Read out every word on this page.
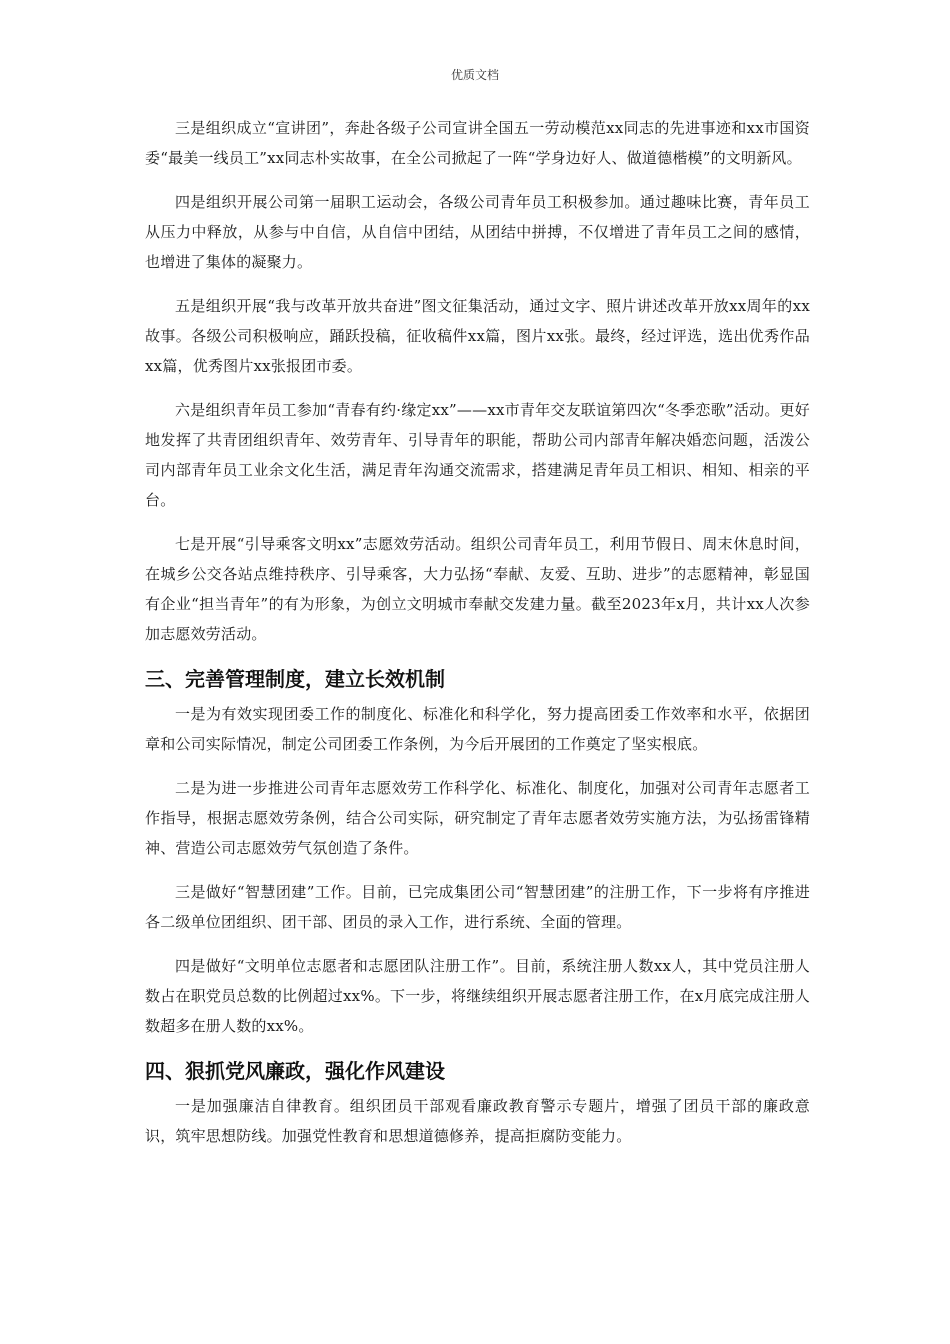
优质文档

三是组织成立“宣讲团”，奔赴各级子公司宣讲全国五一劳动模范xx同志的先进事迹和xx市国资委“最美一线员工”xx同志朴实故事，在全公司掀起了一阵“学身边好人、做道德楷模”的文明新风。

四是组织开展公司第一届职工运动会，各级公司青年员工积极参加。通过趣味比赛，青年员工从压力中释放，从参与中自信，从自信中团结，从团结中拼搏，不仅增进了青年员工之间的感情，也增进了集体的凝聚力。

五是组织开展“我与改革开放共奋进”图文征集活动，通过文字、照片讲述改革开放xx周年的xx故事。各级公司积极响应，踊跃投稿，征收稿件xx篇，图片xx张。最终，经过评选，选出优秀作品xx篇，优秀图片xx张报团市委。

六是组织青年员工参加“青春有约·缘定xx”——xx市青年交友联谊第四次“冬季恋歌”活动。更好地发挥了共青团组织青年、效劳青年、引导青年的职能，帮助公司内部青年解决婚恋问题，活泼公司内部青年员工业余文化生活，满足青年沟通交流需求，搭建满足青年员工相识、相知、相亲的平台。

七是开展“引导乘客文明xx”志愿效劳活动。组织公司青年员工，利用节假日、周末休息时间，在城乡公交各站点维持秩序、引导乘客，大力弘扬“奉献、友爱、互助、进步”的志愿精神，彰显国有企业“担当青年”的有为形象，为创立文明城市奉献交发建力量。截至2023年x月，共计xx人次参加志愿效劳活动。

三、完善管理制度，建立长效机制

一是为有效实现团委工作的制度化、标准化和科学化，努力提高团委工作效率和水平，依据团章和公司实际情况，制定公司团委工作条例，为今后开展团的工作奠定了坚实根底。

二是为进一步推进公司青年志愿效劳工作科学化、标准化、制度化，加强对公司青年志愿者工作指导，根据志愿效劳条例，结合公司实际，研究制定了青年志愿者效劳实施方法，为弘扬雷锋精神、营造公司志愿效劳气氛创造了条件。

三是做好“智慧团建”工作。目前，已完成集团公司“智慧团建”的注册工作，下一步将有序推进各二级单位团组织、团干部、团员的录入工作，进行系统、全面的管理。

四是做好“文明单位志愿者和志愿团队注册工作”。目前，系统注册人数xx人，其中党员注册人数占在职党员总数的比例超过xx%。下一步，将继续组织开展志愿者注册工作，在x月底完成注册人数超多在册人数的xx%。

四、狠抓党风廉政，强化作风建设

一是加强廉洁自律教育。组织团员干部观看廉政教育警示专题片，增强了团员干部的廉政意识，筑牢思想防线。加强党性教育和思想道德修养，提高拒腐防变能力。
